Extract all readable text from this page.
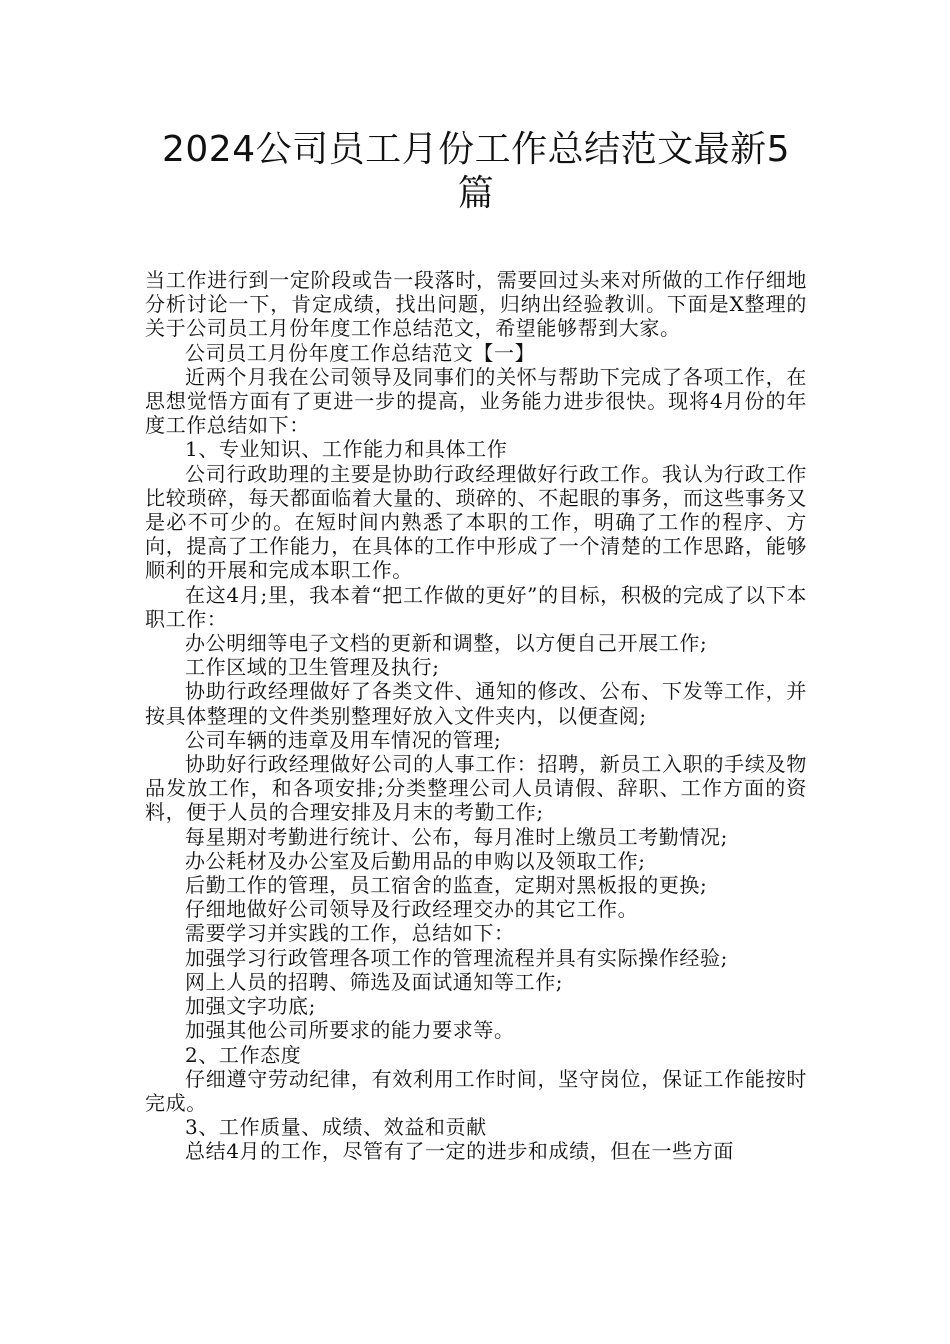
2024公司员工月份工作总结范文最新5篇

当工作进行到一定阶段或告一段落时，需要回过头来对所做的工作仔细地分析讨论一下，肯定成绩，找出问题，归纳出经验教训。下面是X整理的关于公司员工月份年度工作总结范文，希望能够帮到大家。

公司员工月份年度工作总结范文【一】

近两个月我在公司领导及同事们的关怀与帮助下完成了各项工作，在思想觉悟方面有了更进一步的提高，业务能力进步很快。现将4月份的年度工作总结如下：

1、专业知识、工作能力和具体工作

公司行政助理的主要是协助行政经理做好行政工作。我认为行政工作比较琐碎，每天都面临着大量的、琐碎的、不起眼的事务，而这些事务又是必不可少的。在短时间内熟悉了本职的工作，明确了工作的程序、方向，提高了工作能力，在具体的工作中形成了一个清楚的工作思路，能够顺利的开展和完成本职工作。

在这4月;里，我本着“把工作做的更好”的目标，积极的完成了以下本职工作：

办公明细等电子文档的更新和调整，以方便自己开展工作;

工作区域的卫生管理及执行;

协助行政经理做好了各类文件、通知的修改、公布、下发等工作，并按具体整理的文件类别整理好放入文件夹内，以便查阅;

公司车辆的违章及用车情况的管理;

协助好行政经理做好公司的人事工作：招聘，新员工入职的手续及物品发放工作，和各项安排;分类整理公司人员请假、辞职、工作方面的资料，便于人员的合理安排及月末的考勤工作;

每星期对考勤进行统计、公布，每月准时上缴员工考勤情况;

办公耗材及办公室及后勤用品的申购以及领取工作;

后勤工作的管理，员工宿舍的监查，定期对黑板报的更换;

仔细地做好公司领导及行政经理交办的其它工作。

需要学习并实践的工作，总结如下：

加强学习行政管理各项工作的管理流程并具有实际操作经验;

网上人员的招聘、筛选及面试通知等工作;

加强文字功底;

加强其他公司所要求的能力要求等。

2、工作态度

仔细遵守劳动纪律，有效利用工作时间，坚守岗位，保证工作能按时完成。

3、工作质量、成绩、效益和贡献

总结4月的工作，尽管有了一定的进步和成绩，但在一些方面
